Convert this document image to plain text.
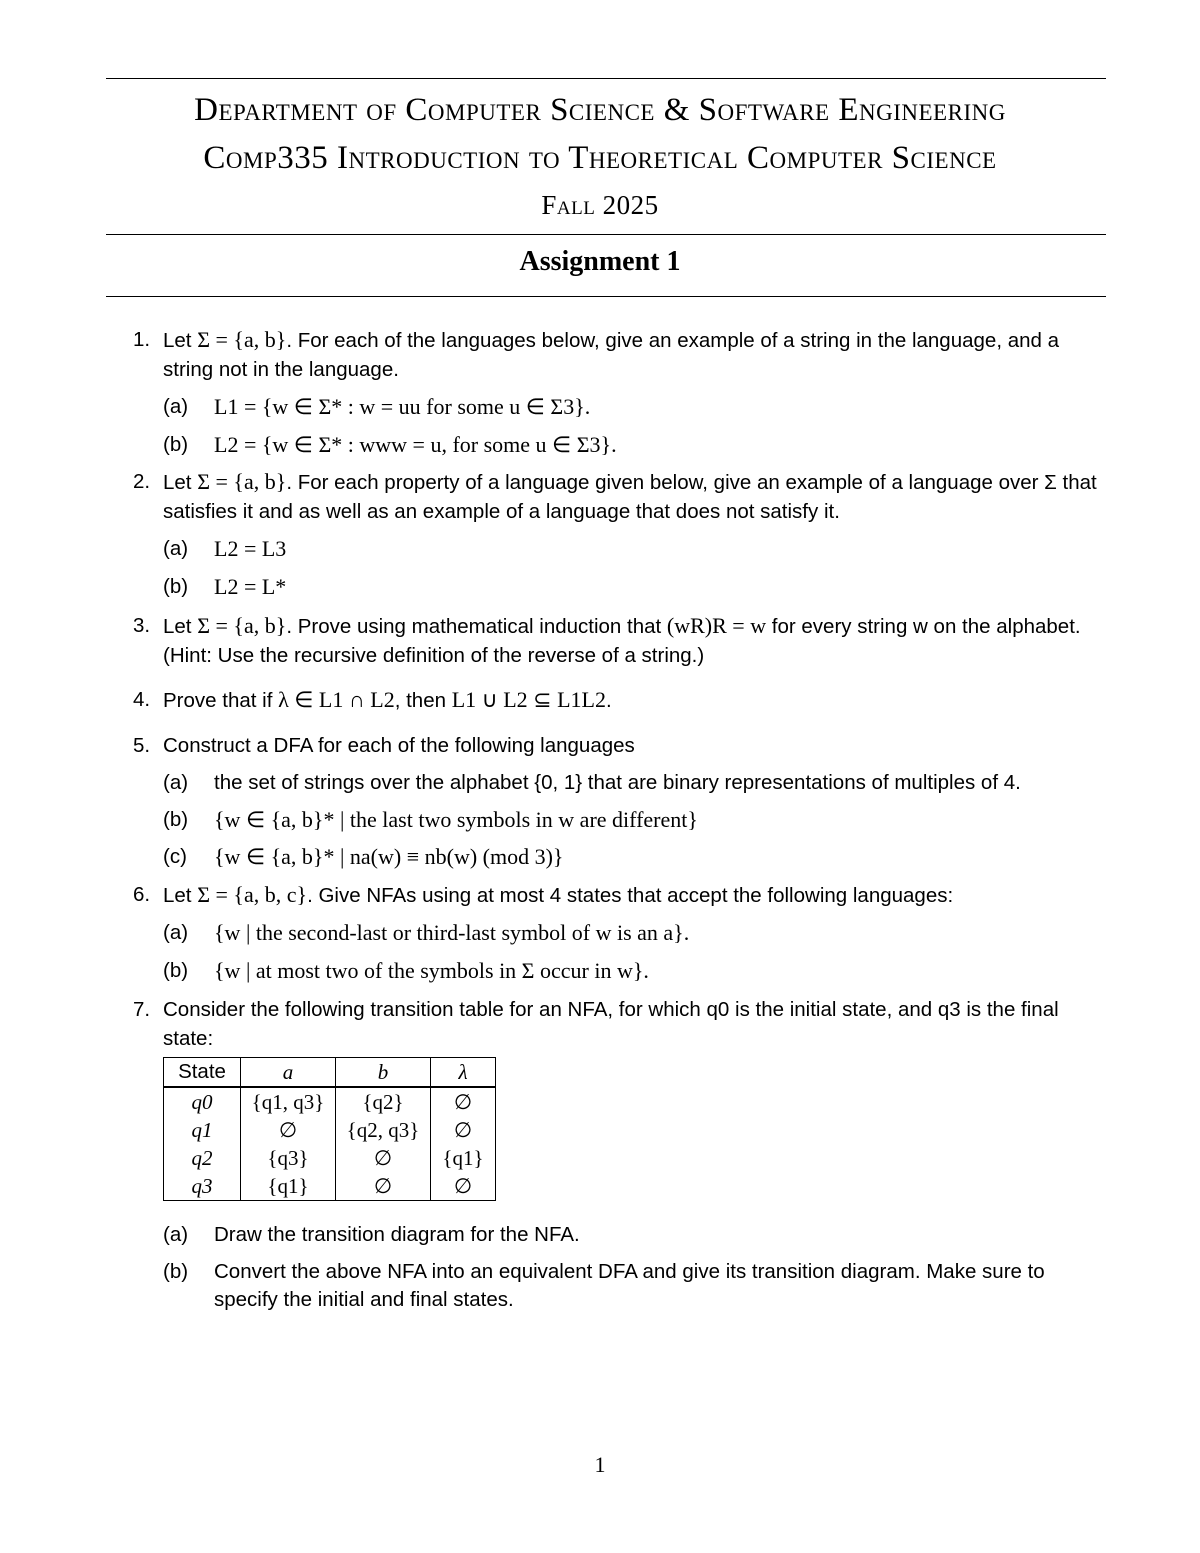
Department of Computer Science & Software Engineering
Comp335 Introduction to Theoretical Computer Science
Fall 2025
Assignment 1
1. Let Σ = {a, b}. For each of the languages below, give an example of a string in the language, and a string not in the language.
(a) L1 = {w ∈ Σ* : w = uu for some u ∈ Σ3}.
(b) L2 = {w ∈ Σ* : www = u, for some u ∈ Σ3}.
2. Let Σ = {a, b}. For each property of a language given below, give an example of a language over Σ that satisfies it and as well as an example of a language that does not satisfy it.
(a) L2 = L3
(b) L2 = L*
3. Let Σ = {a, b}. Prove using mathematical induction that (wR)R = w for every string w on the alphabet. (Hint: Use the recursive definition of the reverse of a string.)
4. Prove that if λ ∈ L1 ∩ L2, then L1 ∪ L2 ⊆ L1L2.
5. Construct a DFA for each of the following languages
(a) the set of strings over the alphabet {0, 1} that are binary representations of multiples of 4.
(b) {w ∈ {a, b}* | the last two symbols in w are different}
(c) {w ∈ {a, b}* | na(w) ≡ nb(w) (mod 3)}
6. Let Σ = {a, b, c}. Give NFAs using at most 4 states that accept the following languages:
(a) {w | the second-last or third-last symbol of w is an a}.
(b) {w | at most two of the symbols in Σ occur in w}.
7. Consider the following transition table for an NFA, for which q0 is the initial state, and q3 is the final state:
State	a	b	λ
q0	{q1, q3}	{q2}	∅
q1	∅	{q2, q3}	∅
q2	{q3}	∅	{q1}
q3	{q1}	∅	∅
(a) Draw the transition diagram for the NFA.
(b) Convert the above NFA into an equivalent DFA and give its transition diagram. Make sure to specify the initial and final states.
1
